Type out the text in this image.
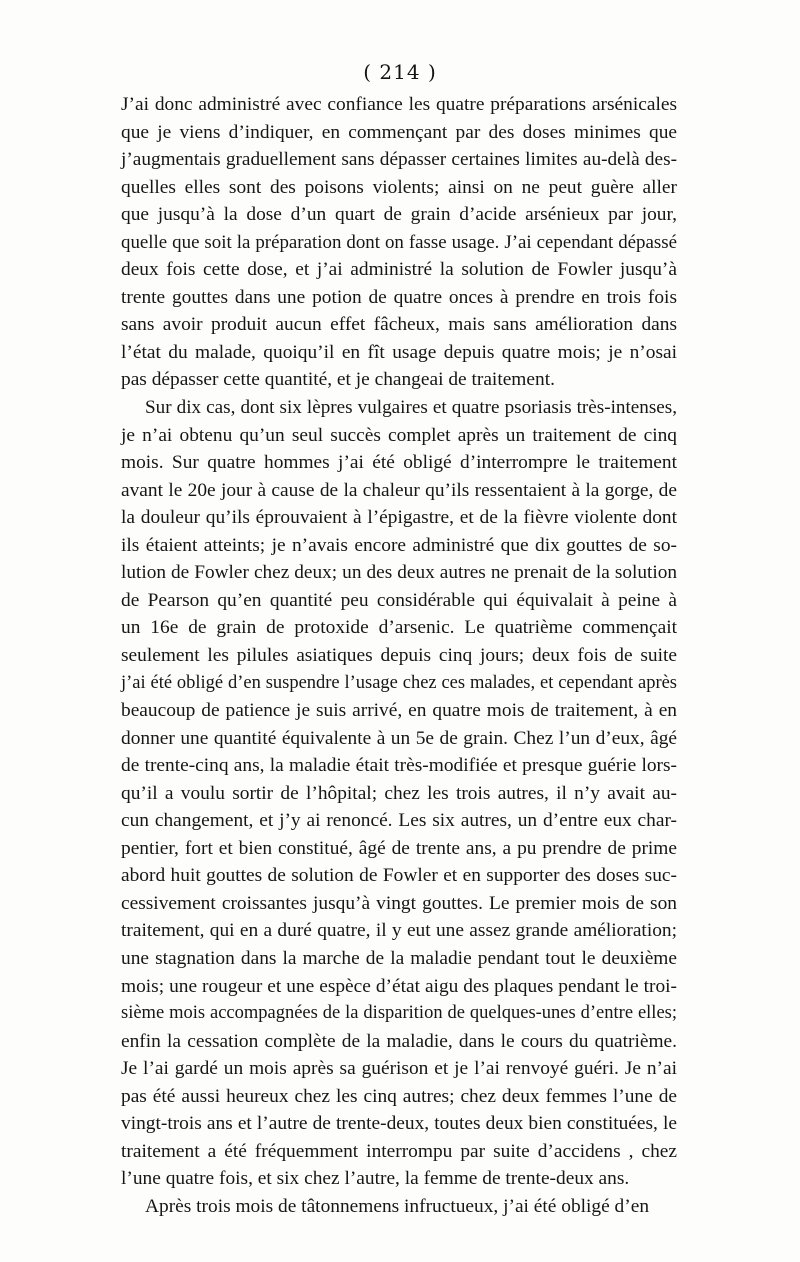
( 214 )
J’ai donc administré avec confiance les quatre préparations arsénicales
que je viens d’indiquer, en commençant par des doses minimes que
j’augmentais graduellement sans dépasser certaines limites au-delà des-
quelles elles sont des poisons violents; ainsi on ne peut guère aller
que jusqu’à la dose d’un quart de grain d’acide arsénieux par jour,
quelle que soit la préparation dont on fasse usage. J’ai cependant dépassé
deux fois cette dose, et j’ai administré la solution de Fowler jusqu’à
trente gouttes dans une potion de quatre onces à prendre en trois fois
sans avoir produit aucun effet fâcheux, mais sans amélioration dans
l’état du malade, quoiqu’il en fît usage depuis quatre mois; je n’osai
pas dépasser cette quantité, et je changeai de traitement.
Sur dix cas, dont six lèpres vulgaires et quatre psoriasis très-intenses,
je n’ai obtenu qu’un seul succès complet après un traitement de cinq
mois. Sur quatre hommes j’ai été obligé d’interrompre le traitement
avant le 20e jour à cause de la chaleur qu’ils ressentaient à la gorge, de
la douleur qu’ils éprouvaient à l’épigastre, et de la fièvre violente dont
ils étaient atteints; je n’avais encore administré que dix gouttes de so-
lution de Fowler chez deux; un des deux autres ne prenait de la solution
de Pearson qu’en quantité peu considérable qui équivalait à peine à
un 16e de grain de protoxide d’arsenic. Le quatrième commençait
seulement les pilules asiatiques depuis cinq jours; deux fois de suite
j’ai été obligé d’en suspendre l’usage chez ces malades, et cependant après
beaucoup de patience je suis arrivé, en quatre mois de traitement, à en
donner une quantité équivalente à un 5e de grain. Chez l’un d’eux, âgé
de trente-cinq ans, la maladie était très-modifiée et presque guérie lors-
qu’il a voulu sortir de l’hôpital; chez les trois autres, il n’y avait au-
cun changement, et j’y ai renoncé. Les six autres, un d’entre eux char-
pentier, fort et bien constitué, âgé de trente ans, a pu prendre de prime
abord huit gouttes de solution de Fowler et en supporter des doses suc-
cessivement croissantes jusqu’à vingt gouttes. Le premier mois de son
traitement, qui en a duré quatre, il y eut une assez grande amélioration;
une stagnation dans la marche de la maladie pendant tout le deuxième
mois; une rougeur et une espèce d’état aigu des plaques pendant le troi-
sième mois accompagnées de la disparition de quelques-unes d’entre elles;
enfin la cessation complète de la maladie, dans le cours du quatrième.
Je l’ai gardé un mois après sa guérison et je l’ai renvoyé guéri. Je n’ai
pas été aussi heureux chez les cinq autres; chez deux femmes l’une de
vingt-trois ans et l’autre de trente-deux, toutes deux bien constituées, le
traitement a été fréquemment interrompu par suite d’accidens , chez
l’une quatre fois, et six chez l’autre, la femme de trente-deux ans.
Après trois mois de tâtonnemens infructueux, j’ai été obligé d’en
